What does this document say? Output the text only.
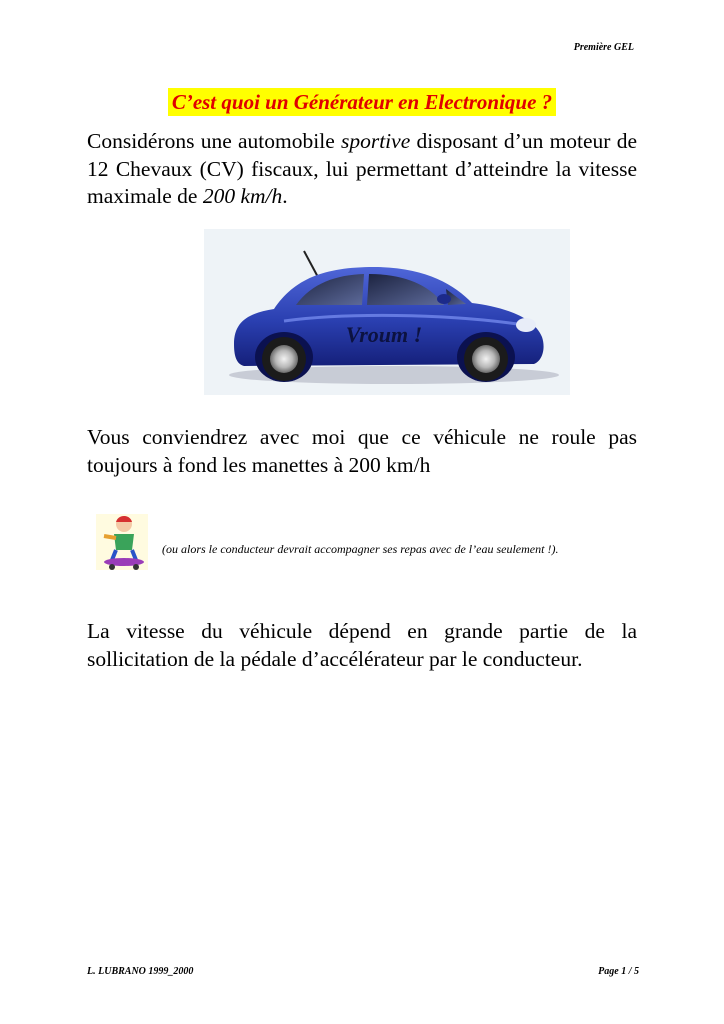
Première GEL
C’est quoi un Générateur en Electronique ?
Considérons une automobile sportive disposant d’un moteur de 12 Chevaux (CV) fiscaux, lui permettant d’atteindre la vitesse maximale de 200 km/h.
Vroum !
Vous conviendrez avec moi que ce véhicule ne roule pas toujours à fond les manettes à 200 km/h
(ou alors le conducteur devrait accompagner ses repas avec de l’eau seulement !).
La vitesse du véhicule dépend en grande partie de la sollicitation de la pédale d’accélérateur par le conducteur.
L. LUBRANO 1999_2000	Page 1 / 5
